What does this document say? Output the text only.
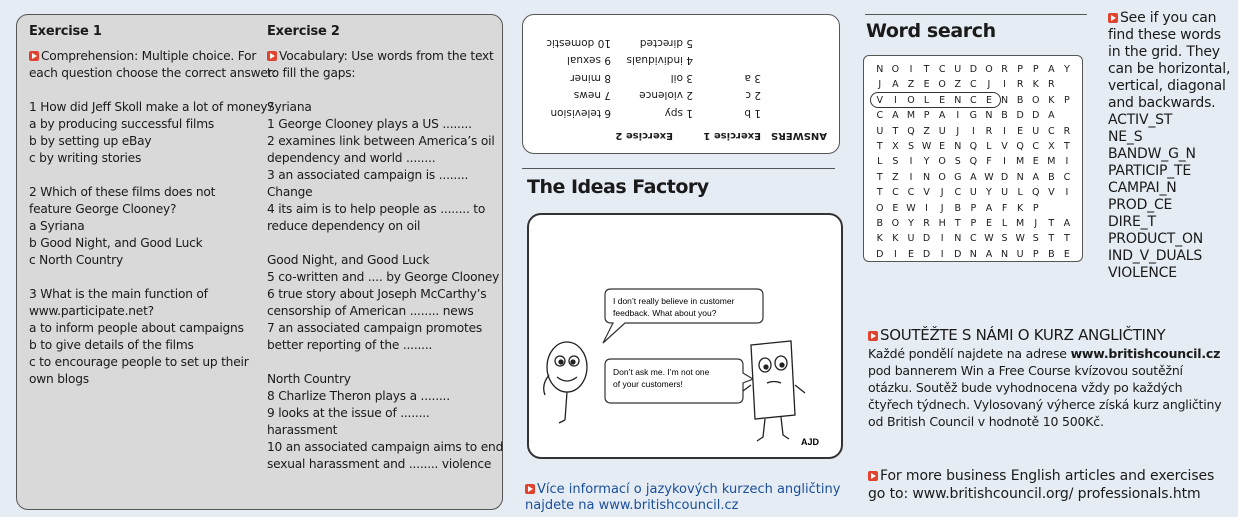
Exercise 1
Comprehension: Multiple choice. For
each question choose the correct answer:
1 How did Jeff Skoll make a lot of money?
a by producing successful films
b by setting up eBay
c by writing stories
2 Which of these films does not
feature George Clooney?
a Syriana
b Good Night, and Good Luck
c North Country
3 What is the main function of
www.participate.net?
a to inform people about campaigns
b to give details of the films
c to encourage people to set up their
own blogs
Exercise 2
Vocabulary: Use words from the text
to fill the gaps:
Syriana
1 George Clooney plays a US ........
2 examines link between America’s oil
dependency and world ........
3 an associated campaign is ........
Change
4 its aim is to help people as ........ to
reduce dependency on oil
Good Night, and Good Luck
5 co-written and .... by George Clooney
6 true story about Joseph McCarthy’s
censorship of American ........ news
7 an associated campaign promotes
better reporting of the ........
North Country
8 Charlize Theron plays a ........
9 looks at the issue of ........
harassment
10 an associated campaign aims to end
sexual harassment and ........ violence
ANSWERS
Exercise 1
Exercise 2
1 b
2 c
3 a
1 spy
2 violence
3 oil
4 individuals
5 directed
6 television
7 news
8 miner
9 sexual
10 domestic
The Ideas Factory
I don’t really believe in customer
feedback. What about you?
Don’t ask me. I’m not one
of your customers!
AJD
Více informací o jazykových kurzech angličtiny najdete na www.britishcouncil.cz
Word search
N O	I	T C U D O R P	P A Y
J	A Z E O Z C	J	I	R K R
V	I	O L	E N C E N B O K	P
C A M P A	I	G N B D D A
U T Q Z U	J	I	R	I	E U C R
T X S W E N Q L	V Q C X T
L	S	I	Y O S Q F	I	M E M	I
T Z	I	N O G A W D N A B C
T C C V	J	C U Y U L Q V	I
O E W I	J	B P A	F	K	P
B O Y R H T	P	E	L M	J	T A
K K U D	I	N C W S W S	T	T
D	I	E D	I	D N A N U P B E
See if you can find these words in the grid. They can be horizontal, vertical, diagonal and backwards.
ACTIV_ST
NE_S
BANDW_G_N
PARTICIP_TE
CAMPAI_N
PROD_CE
DIRE_T
PRODUCT_ON
IND_V_DUALS
VIOLENCE
SOUTĚŽTE S NÁMI O KURZ ANGLIČTINY
Každé pondělí najdete na adrese www.britishcouncil.cz
pod bannerem Win a Free Course kvízovou soutěžní otázku. Soutěž bude vyhodnocena vždy po každých čtyřech týdnech. Vylosovaný výherce získá kurz angličtiny od British Council v hodnotě 10 500Kč.
For more business English articles and exercises go to: www.britishcouncil.org/ professionals.htm
